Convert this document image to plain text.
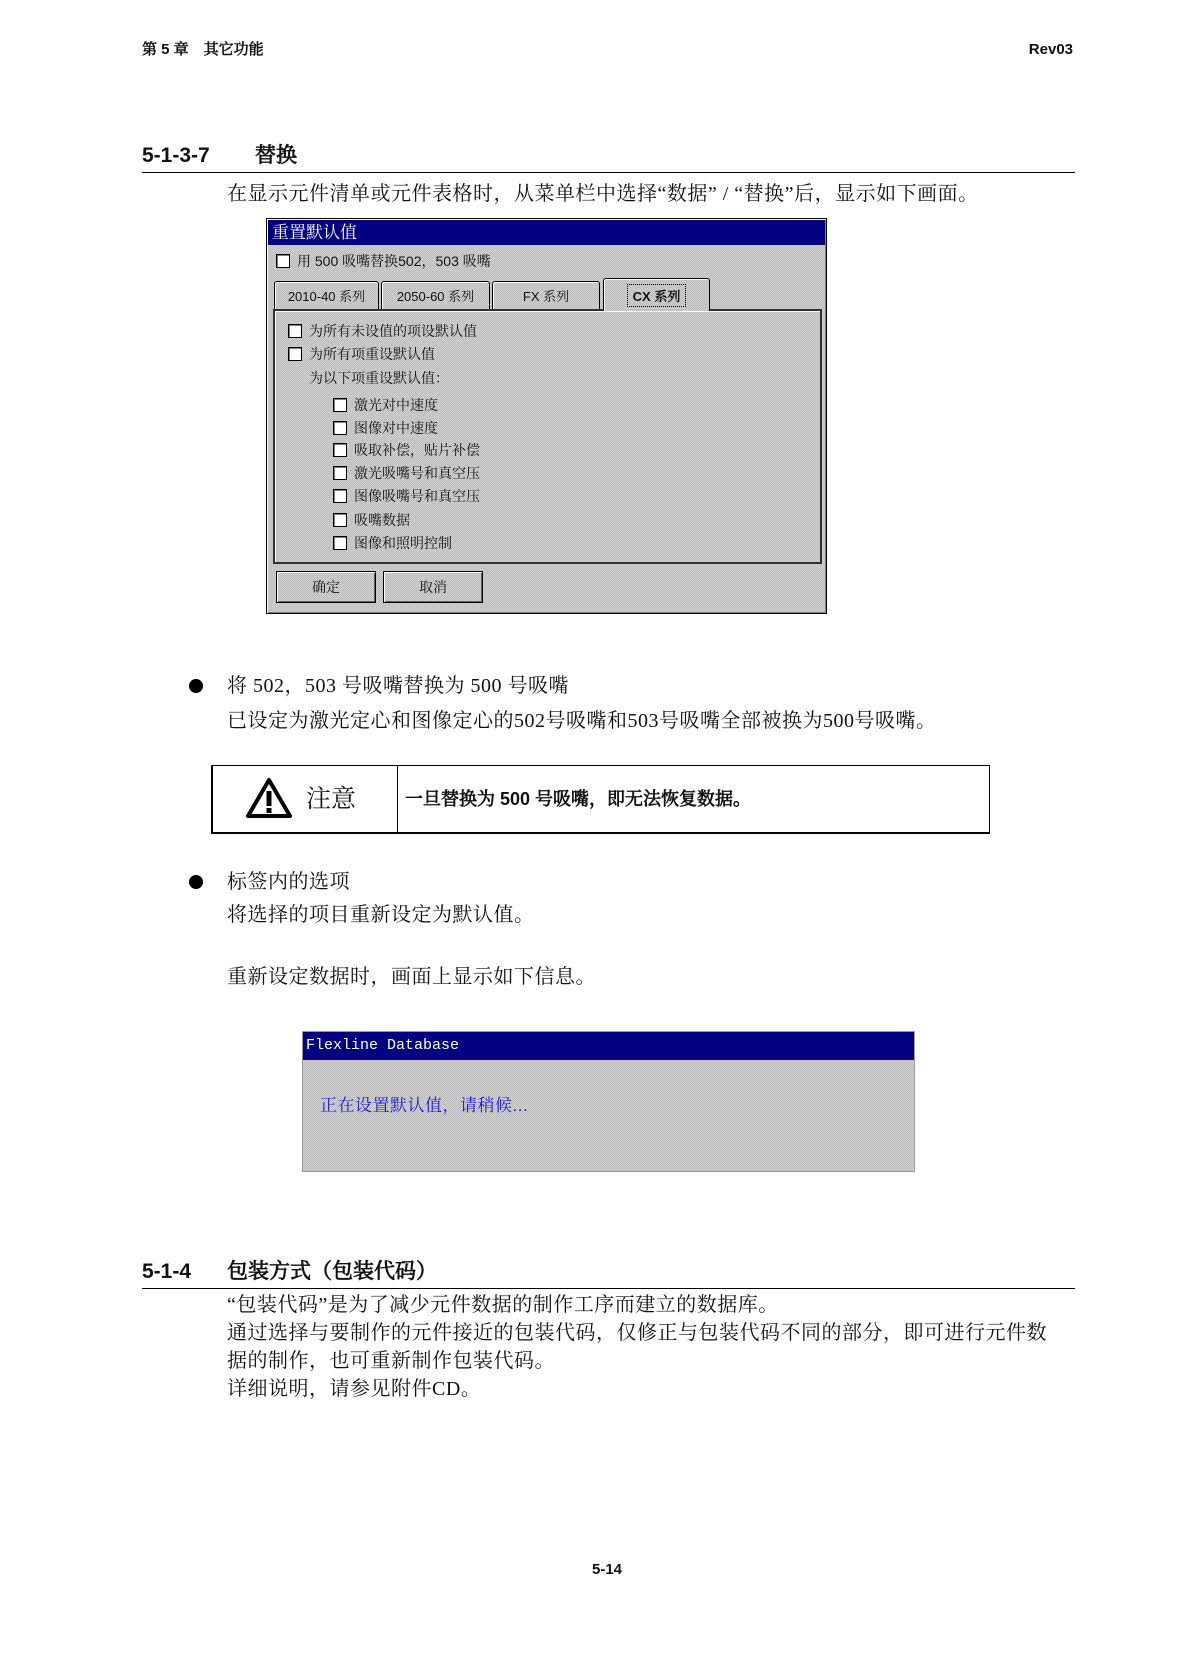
第 5 章　其它功能	Rev03
5-1-3-7 替换
在显示元件清单或元件表格时，从菜单栏中选择“数据” / “替换”后，显示如下画面。
重置默认值
用 500 吸嘴替换502，503 吸嘴
2010-40 系列 2050-60 系列	FX 系列	CX 系列
为所有未设值的项设默认值
为所有项重设默认值
为以下项重设默认值：
激光对中速度
图像对中速度
吸取补偿，贴片补偿
激光吸嘴号和真空压
图像吸嘴号和真空压
吸嘴数据
图像和照明控制
确定	取消
将 502，503 号吸嘴替换为 500 号吸嘴
已设定为激光定心和图像定心的502号吸嘴和503号吸嘴全部被换为500号吸嘴。
注意	一旦替换为 500 号吸嘴，即无法恢复数据。
标签内的选项
将选择的项目重新设定为默认值。
重新设定数据时，画面上显示如下信息。
Flexline Database
正在设置默认值，请稍候...
5-1-4 包装方式（包装代码）
“包装代码”是为了减少元件数据的制作工序而建立的数据库。
通过选择与要制作的元件接近的包装代码，仅修正与包装代码不同的部分，即可进行元件数
据的制作，也可重新制作包装代码。
详细说明，请参见附件CD。
5-14
